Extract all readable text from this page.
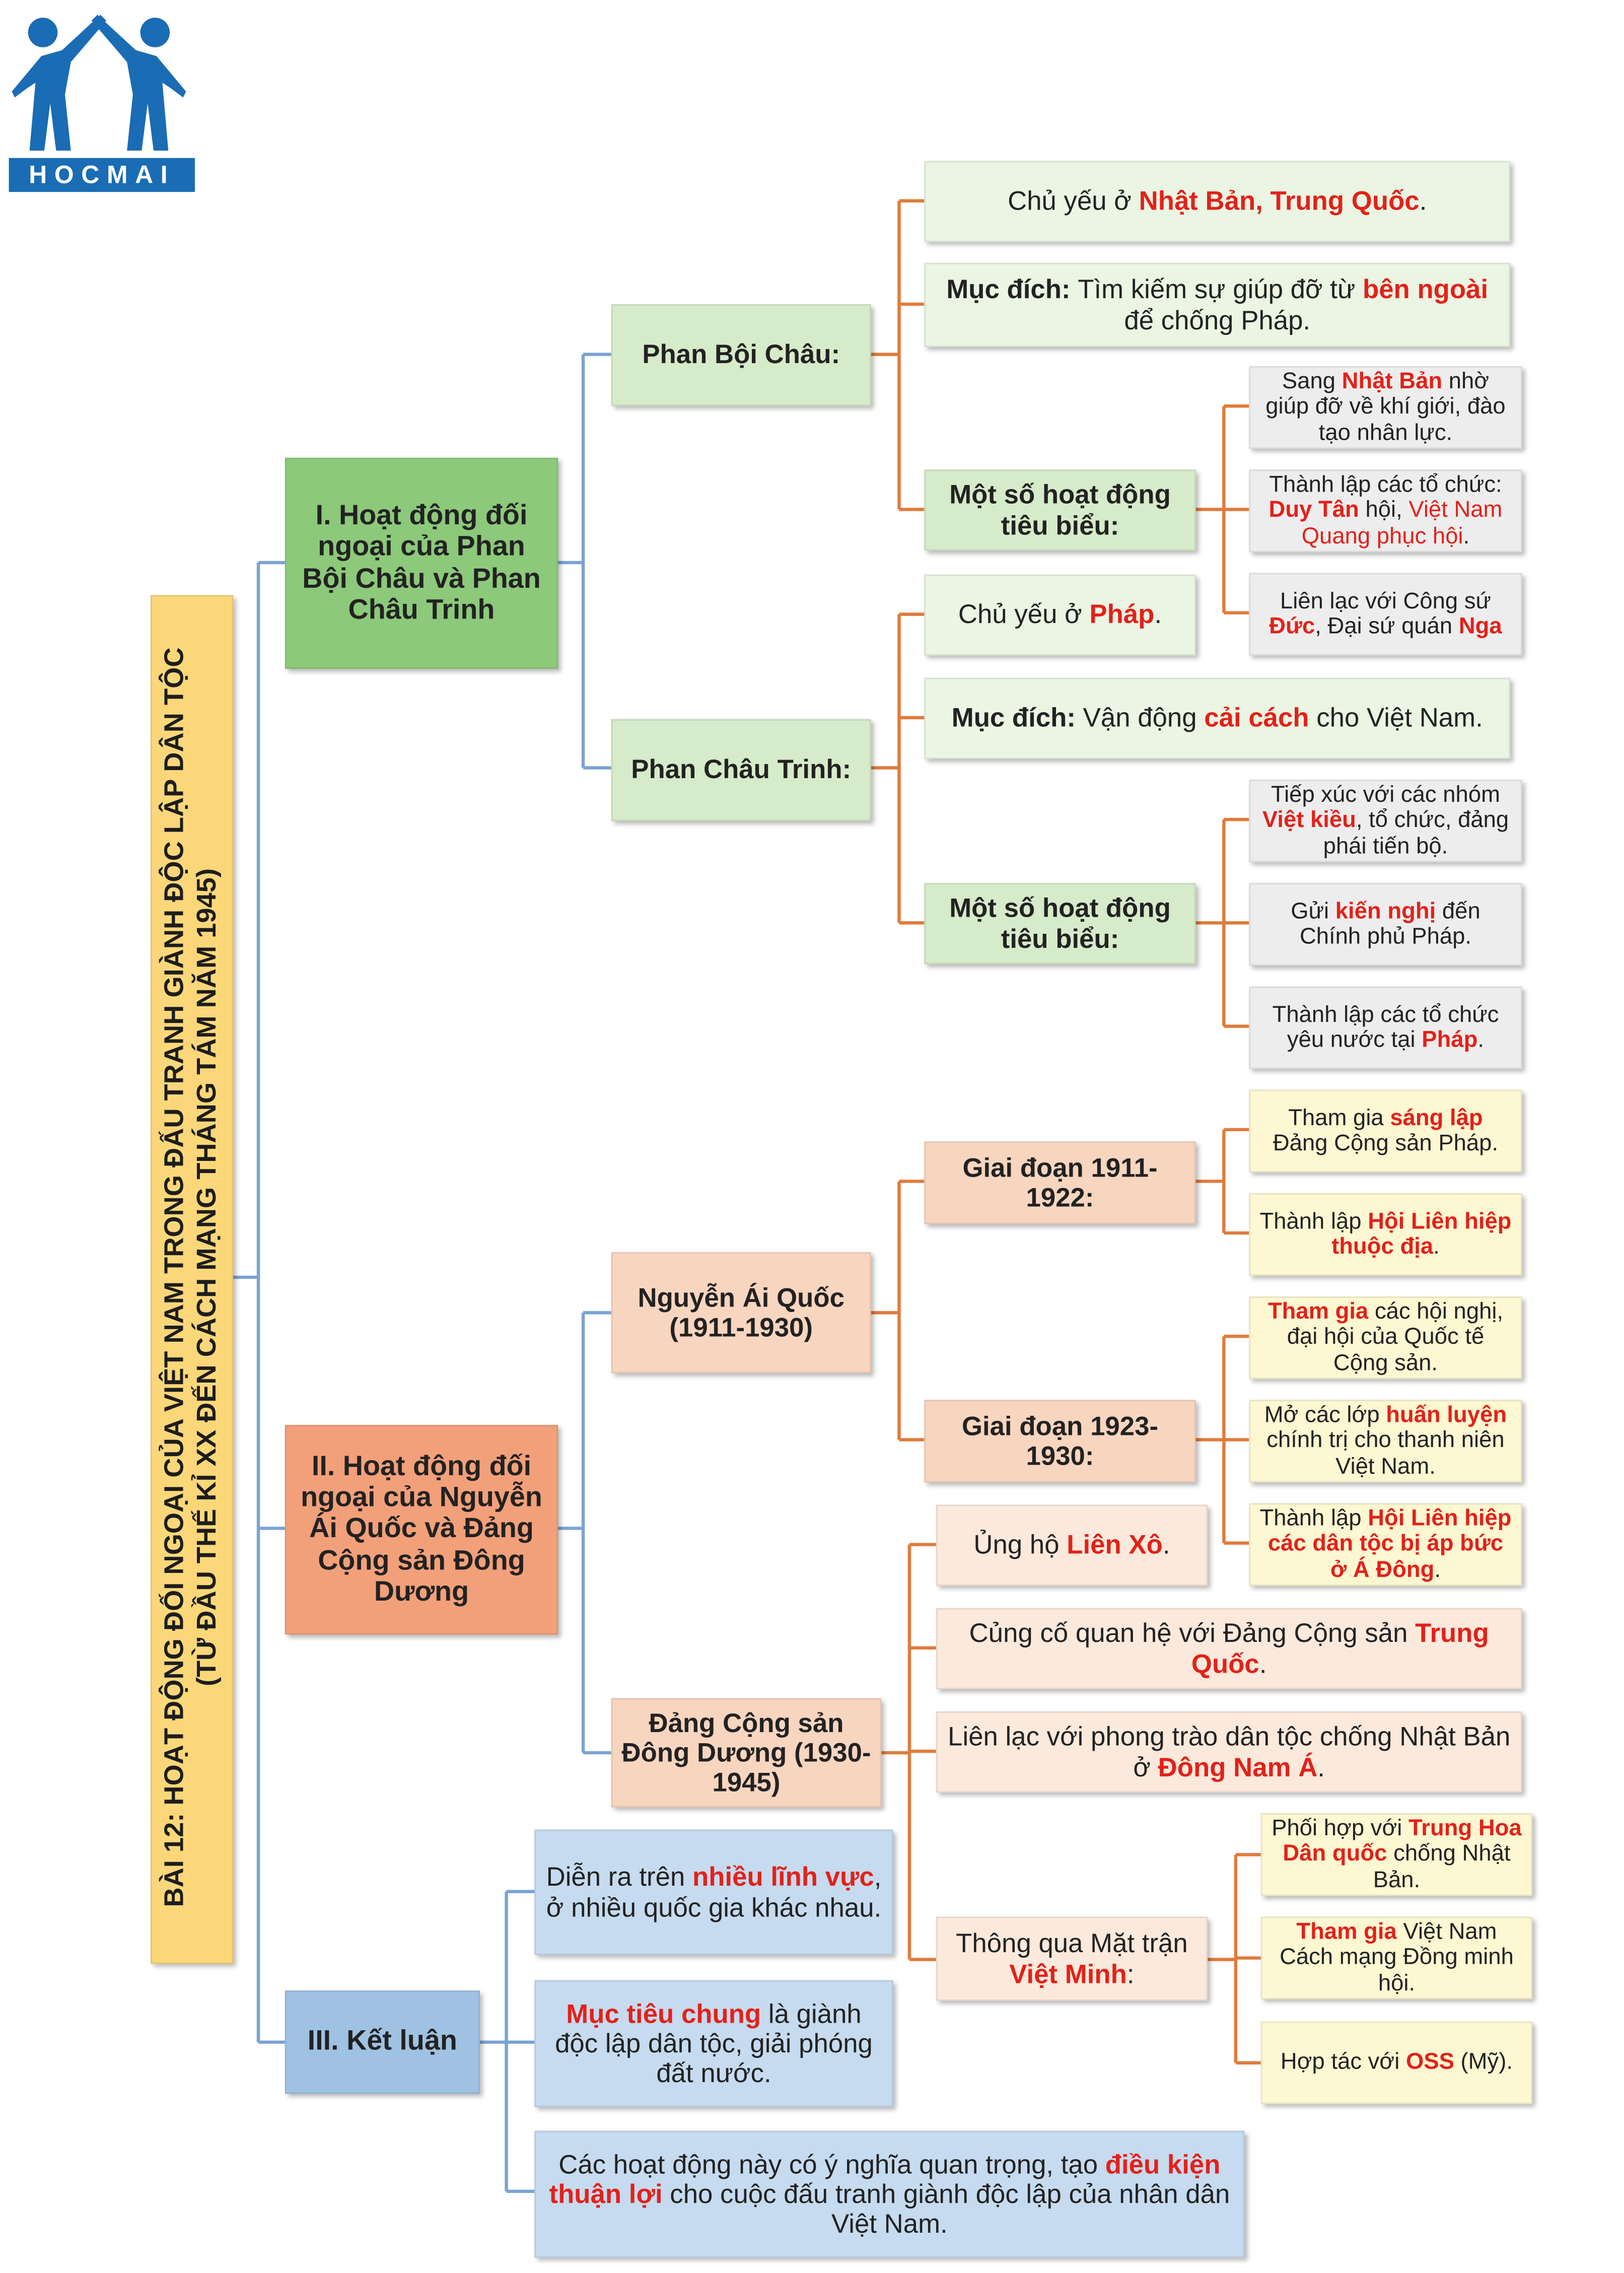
HOCMAI
BÀI 12: HOẠT ĐỘNG ĐỐI NGOẠI CỦA VIỆT NAM TRONG ĐẤU TRANH GIÀNH ĐỘC LẬP DÂN TỘC (TỪ ĐẦU THẾ KỈ XX ĐẾN CÁCH MẠNG THÁNG TÁM NĂM 1945)
I. Hoạt động đối ngoại của Phan Bội Châu và Phan Châu Trinh
Phan Bội Châu:
Chủ yếu ở Nhật Bản, Trung Quốc.
Mục đích: Tìm kiếm sự giúp đỡ từ bên ngoài để chống Pháp.
Một số hoạt động tiêu biểu:
Sang Nhật Bản nhờ giúp đỡ về khí giới, đào tạo nhân lực.
Thành lập các tổ chức: Duy Tân hội, Việt Nam Quang phục hội.
Liên lạc với Công sứ Đức, Đại sứ quán Nga
Phan Châu Trinh:
Chủ yếu ở Pháp.
Mục đích: Vận động cải cách cho Việt Nam.
Một số hoạt động tiêu biểu:
Tiếp xúc với các nhóm Việt kiều, tổ chức, đảng phái tiến bộ.
Gửi kiến nghị đến Chính phủ Pháp.
Thành lập các tổ chức yêu nước tại Pháp.
II. Hoạt động đối ngoại của Nguyễn Ái Quốc và Đảng Cộng sản Đông Dương
Nguyễn Ái Quốc (1911-1930)
Giai đoạn 1911-1922:
Tham gia sáng lập Đảng Cộng sản Pháp.
Thành lập Hội Liên hiệp thuộc địa.
Giai đoạn 1923-1930:
Tham gia các hội nghị, đại hội của Quốc tế Cộng sản.
Mở các lớp huấn luyện chính trị cho thanh niên Việt Nam.
Thành lập Hội Liên hiệp các dân tộc bị áp bức ở Á Đông.
Đảng Cộng sản Đông Dương (1930-1945)
Ủng hộ Liên Xô.
Củng cố quan hệ với Đảng Cộng sản Trung Quốc.
Liên lạc với phong trào dân tộc chống Nhật Bản ở Đông Nam Á.
Thông qua Mặt trận Việt Minh:
Phối hợp với Trung Hoa Dân quốc chống Nhật Bản.
Tham gia Việt Nam Cách mạng Đồng minh hội.
Hợp tác với OSS (Mỹ).
III. Kết luận
Diễn ra trên nhiều lĩnh vực, ở nhiều quốc gia khác nhau.
Mục tiêu chung là giành độc lập dân tộc, giải phóng đất nước.
Các hoạt động này có ý nghĩa quan trọng, tạo điều kiện thuận lợi cho cuộc đấu tranh giành độc lập của nhân dân Việt Nam.
